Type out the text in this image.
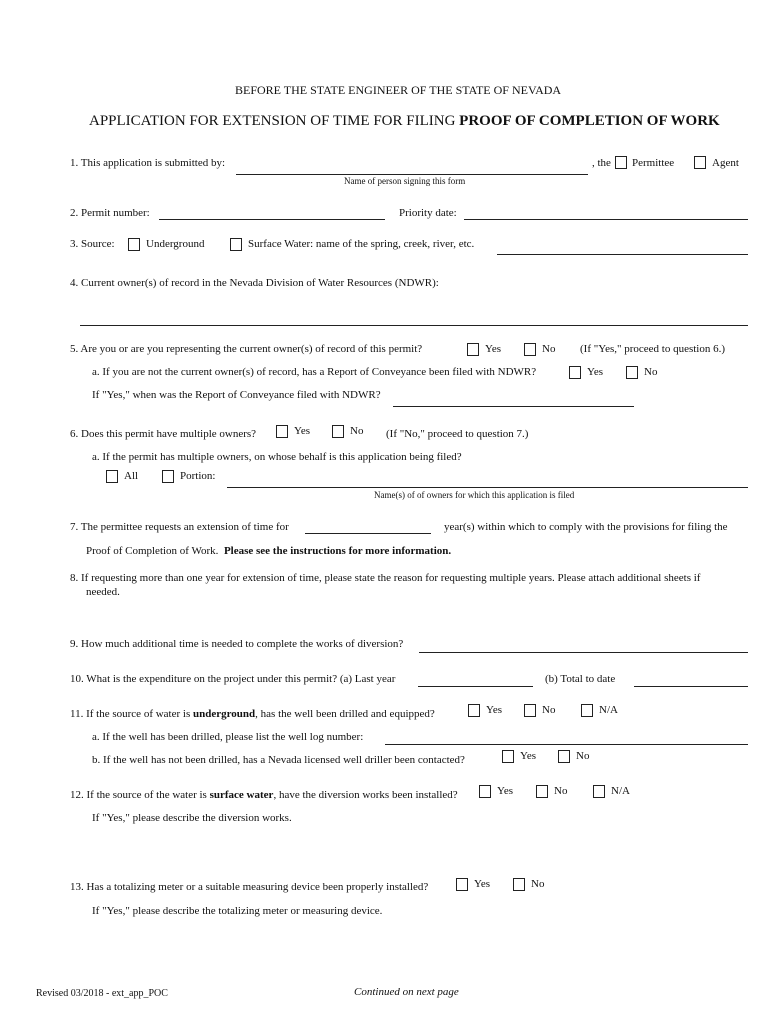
BEFORE THE STATE ENGINEER OF THE STATE OF NEVADA
APPLICATION FOR EXTENSION OF TIME FOR FILING PROOF OF COMPLETION OF WORK
1. This application is submitted by:	, the Permittee	Agent
Name of person signing this form
2. Permit number:	Priority date:
3. Source:	Underground	Surface Water: name of the spring, creek, river, etc.
4. Current owner(s) of record in the Nevada Division of Water Resources (NDWR):
5. Are you or are you representing the current owner(s) of record of this permit?	Yes	No (If "Yes," proceed to question 6.)
a. If you are not the current owner(s) of record, has a Report of Conveyance been filed with NDWR?	Yes	No
If "Yes," when was the Report of Conveyance filed with NDWR?
6. Does this permit have multiple owners?	Yes	No (If "No," proceed to question 7.)
a. If the permit has multiple owners, on whose behalf is this application being filed?
All	Portion:
Name(s) of of owners for which this application is filed
7. The permittee requests an extension of time for	year(s) within which to comply with the provisions for filing the
Proof of Completion of Work. Please see the instructions for more information.
8. If requesting more than one year for extension of time, please state the reason for requesting multiple years. Please attach additional sheets if
needed.
9. How much additional time is needed to complete the works of diversion?
10. What is the expenditure on the project under this permit? (a) Last year	(b) Total to date
11. If the source of water is underground, has the well been drilled and equipped?	Yes	No	N/A
a. If the well has been drilled, please list the well log number:
b. If the well has not been drilled, has a Nevada licensed well driller been contacted?	Yes	No
12. If the source of the water is surface water, have the diversion works been installed?	Yes	No	N/A
If "Yes," please describe the diversion works.
13. Has a totalizing meter or a suitable measuring device been properly installed?	Yes	No
If "Yes," please describe the totalizing meter or measuring device.
Revised 03/2018 - ext_app_POC	Continued on next page
